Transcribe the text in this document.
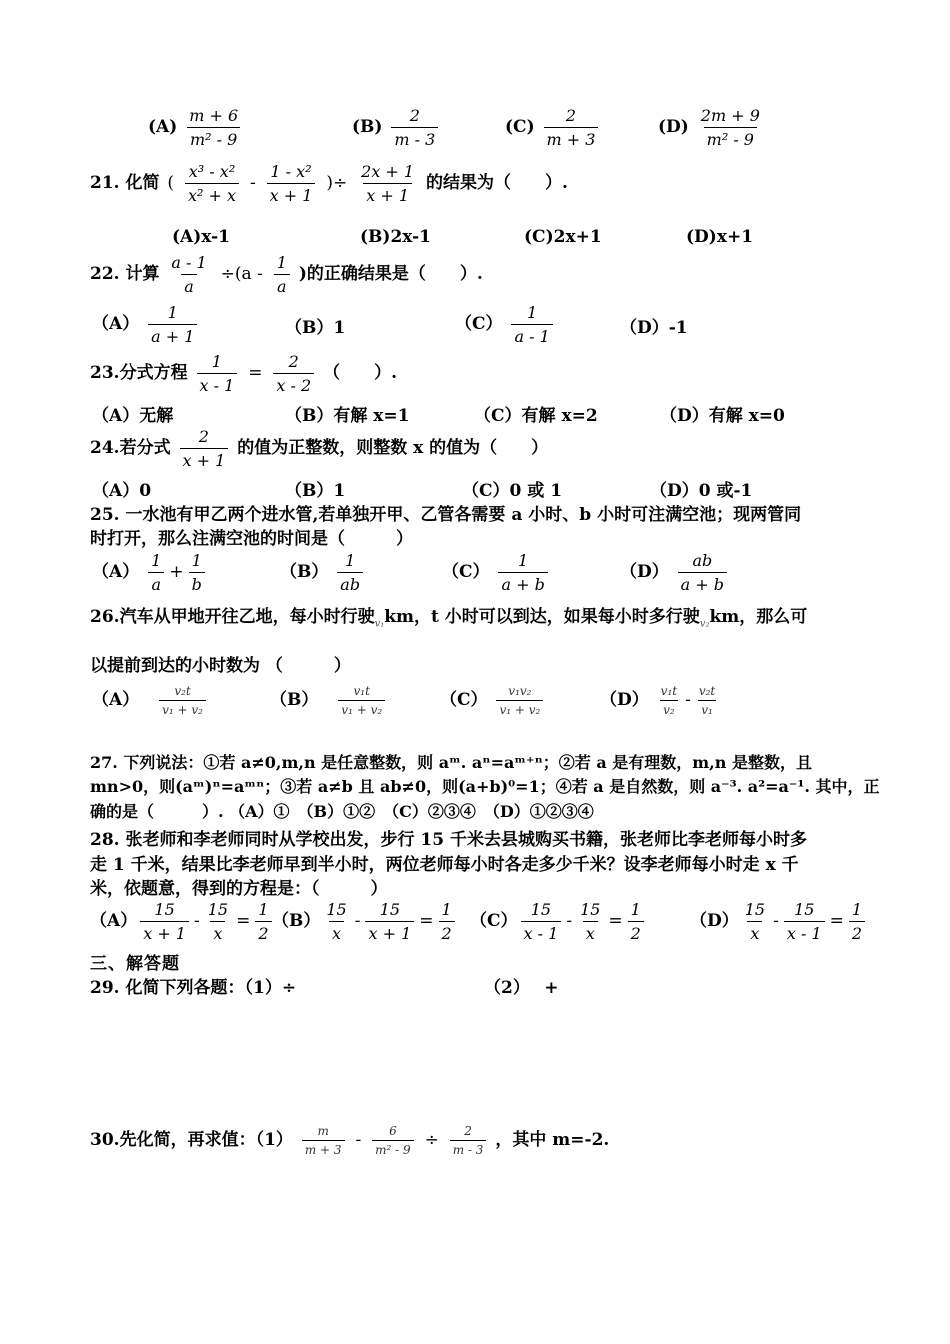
$(A) \frac{m + 6}{\text{m² - 9}}$	$(B) \frac{2}{m - 3}$	$(C) \frac{2}{m + 3}$	$(D) \frac{2m + 9}{\text{m² - 9}}$
21. 化简 ( $\frac{\text{x³ - x²}}{\text{x² + x}} - \frac{\text{1 - x²}}{x + 1}$ )÷ $\frac{2x + 1}{x + 1}$ 的结果为（　　）.
(A)x-1	(B)2x-1	(C)2x+1	(D)x+1
22. 计算 $\frac{a - 1}{a} \div(a - \frac{1}{a}$ )的正确结果是（　　）.
$(A) \frac{1}{a + 1}$	（B）1	$(C) \frac{1}{a - 1}$	（D）-1
23.分式方程 $\frac{1}{x - 1} = \frac{2}{x - 2}$ （　　）.
（A）无解	（B）有解 x=1	（C）有解 x=2	（D）有解 x=0
24.若分式 $\frac{2}{x + 1}$ 的值为正整数，则整数 x 的值为（　　）
（A）0	（B）1	（C）0 或 1	（D）0 或-1
25. 一水池有甲乙两个进水管,若单独开甲、乙管各需要 a 小时、b 小时可注满空池；现两管同
时打开，那么注满空池的时间是（　　　）
$(A) \frac{1}{a} + \frac{1}{b}$	$(B) \frac{1}{ab}$	$(C) \frac{1}{a + b}$	$(D) \frac{ab}{a + b}$
26.汽车从甲地开往乙地，每小时行驶$_{v_1}$km，t 小时可以到达，如果每小时多行驶$_{v_2}$km，那么可
以提前到达的小时数为 （　　　）
$(A) \frac{\text{v₂t}}{\text{v₁ + v₂}}$	$(B) \frac{\text{v₁t}}{\text{v₁ + v₂}}$	$(C) \frac{\text{v₁v₂}}{\text{v₁ + v₂}}$	$(D) \frac{\text{v₁t}}{\text{v₂}} - \frac{\text{v₂t}}{\text{v₁}}$
27. 下列说法：①若 a≠0,m,n 是任意整数，则 aᵐ. aⁿ=aᵐ⁺ⁿ；②若 a 是有理数，m,n 是整数，且
mn>0，则(aᵐ)ⁿ=aᵐⁿ；③若 a≠b 且 ab≠0，则(a+b)⁰=1；④若 a 是自然数，则 a⁻³. a²=a⁻¹. 其中，正
确的是（　　　）. （A）①　（B）①②　（C）②③④　（D）①②③④
28. 张老师和李老师同时从学校出发，步行 15 千米去县城购买书籍，张老师比李老师每小时多
走 1 千米，结果比李老师早到半小时，两位老师每小时各走多少千米？设李老师每小时走 x 千
米，依题意，得到的方程是：（　　　）
$(A) \frac{15}{x + 1} - \frac{15}{x} = \frac{1}{2} (B) \frac{15}{x} - \frac{15}{x + 1} = \frac{1}{2} (C) \frac{15}{x - 1} - \frac{15}{x} = \frac{1}{2}$	$(D) \frac{15}{x} - \frac{15}{x - 1} = \frac{1}{2}$
三、解答题
29. 化简下列各题：（1）÷	（2）　 +
30.先化简，再求值：$(1) \frac{m}{m + 3} - \frac{6}{\text{m² - 9}} \div \frac{2}{m - 3}$ ，其中 m=-2.
